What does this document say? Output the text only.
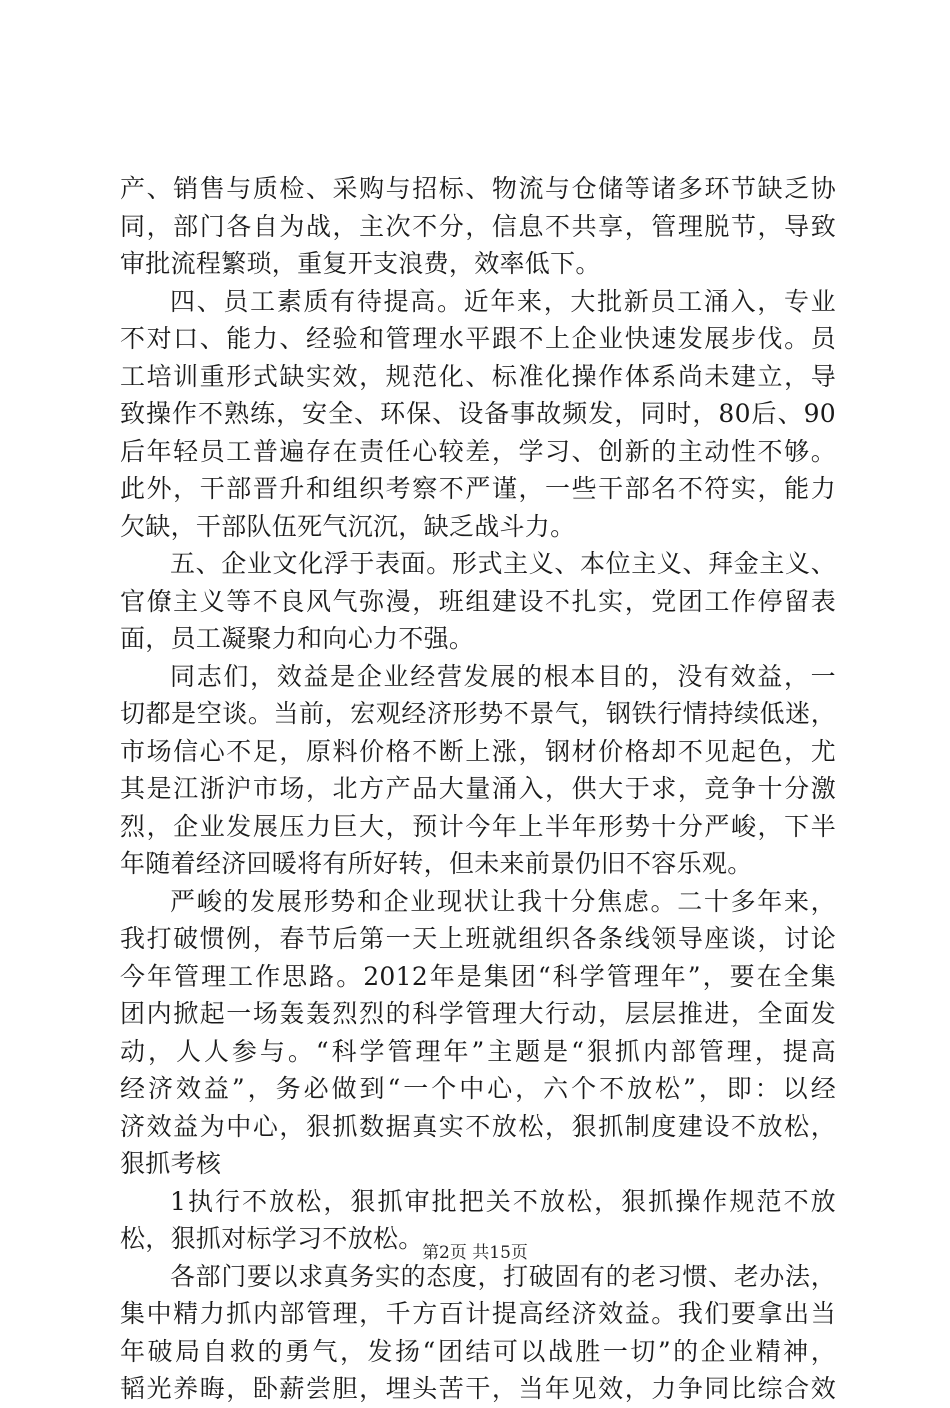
产、销售与质检、采购与招标、物流与仓储等诸多环节缺乏协
同，部门各自为战，主次不分，信息不共享，管理脱节，导致
审批流程繁琐，重复开支浪费，效率低下。
四、员工素质有待提高。近年来，大批新员工涌入，专业
不对口、能力、经验和管理水平跟不上企业快速发展步伐。员
工培训重形式缺实效，规范化、标准化操作体系尚未建立，导
致操作不熟练，安全、环保、设备事故频发，同时，80后、90
后年轻员工普遍存在责任心较差，学习、创新的主动性不够。
此外，干部晋升和组织考察不严谨，一些干部名不符实，能力
欠缺，干部队伍死气沉沉，缺乏战斗力。
五、企业文化浮于表面。形式主义、本位主义、拜金主义、
官僚主义等不良风气弥漫，班组建设不扎实，党团工作停留表
面，员工凝聚力和向心力不强。
同志们，效益是企业经营发展的根本目的，没有效益，一
切都是空谈。当前，宏观经济形势不景气，钢铁行情持续低迷，
市场信心不足，原料价格不断上涨，钢材价格却不见起色，尤
其是江浙沪市场，北方产品大量涌入，供大于求，竞争十分激
烈，企业发展压力巨大，预计今年上半年形势十分严峻，下半
年随着经济回暖将有所好转，但未来前景仍旧不容乐观。
严峻的发展形势和企业现状让我十分焦虑。二十多年来，
我打破惯例，春节后第一天上班就组织各条线领导座谈，讨论
今年管理工作思路。2012年是集团“科学管理年”，要在全集
团内掀起一场轰轰烈烈的科学管理大行动，层层推进，全面发
动，人人参与。“科学管理年”主题是“狠抓内部管理，提高
经济效益”，务必做到“一个中心，六个不放松”，即：以经
济效益为中心，狠抓数据真实不放松，狠抓制度建设不放松，
狠抓考核
1执行不放松，狠抓审批把关不放松，狠抓操作规范不放
松，狠抓对标学习不放松。
各部门要以求真务实的态度，打破固有的老习惯、老办法，
集中精力抓内部管理，千方百计提高经济效益。我们要拿出当
年破局自救的勇气，发扬“团结可以战胜一切”的企业精神，
韬光养晦，卧薪尝胆，埋头苦干，当年见效，力争同比综合效
第2页 共15页
